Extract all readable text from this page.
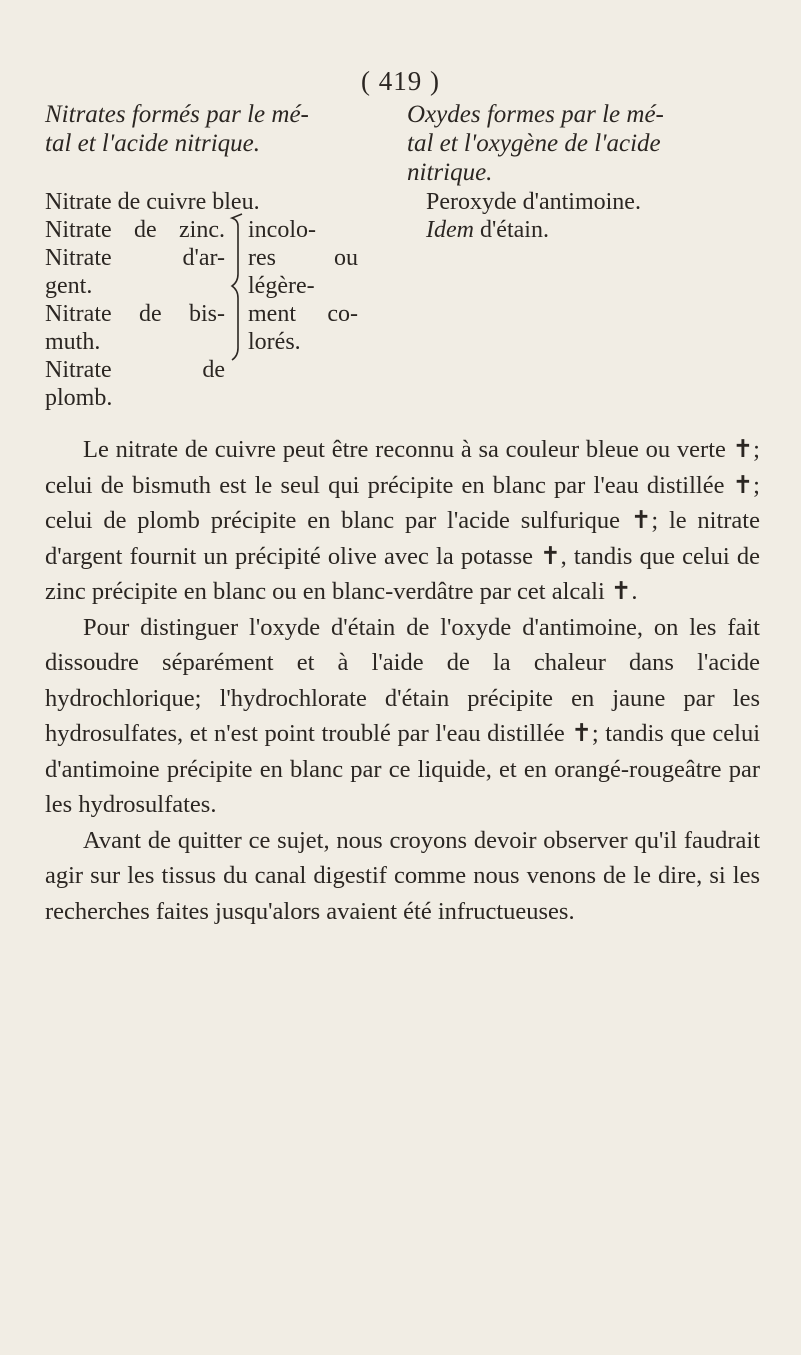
( 419 )
Nitrates formés par le mé-
tal et l'acide nitrique.
Oxydes formes par le mé-
tal et l'oxygène de l'acide
nitrique.
Nitrate de cuivre bleu.
Nitrate de zinc.
Nitrate d'ar-
gent.
Nitrate de bis-
muth.
Nitrate de
plomb.
incolo-
res ou
légère-
ment co-
lorés.
Peroxyde d'antimoine.
Idem d'étain.

Le nitrate de cuivre peut être reconnu à sa couleur bleue ou verte ✝; celui de bismuth est le seul qui précipite en blanc par l'eau distillée ✝; celui de plomb précipite en blanc par l'acide sulfurique ✝; le nitrate d'argent fournit un précipité olive avec la potasse ✝, tandis que celui de zinc précipite en blanc ou en blanc-verdâtre par cet alcali ✝.

Pour distinguer l'oxyde d'étain de l'oxyde d'antimoine, on les fait dissoudre séparément et à l'aide de la chaleur dans l'acide hydrochlorique; l'hydrochlorate d'étain précipite en jaune par les hydrosulfates, et n'est point troublé par l'eau distillée ✝; tandis que celui d'antimoine précipite en blanc par ce liquide, et en orangé-rougeâtre par les hydrosulfates.

Avant de quitter ce sujet, nous croyons devoir observer qu'il faudrait agir sur les tissus du canal digestif comme nous venons de le dire, si les recherches faites jusqu'alors avaient été infructueuses.
